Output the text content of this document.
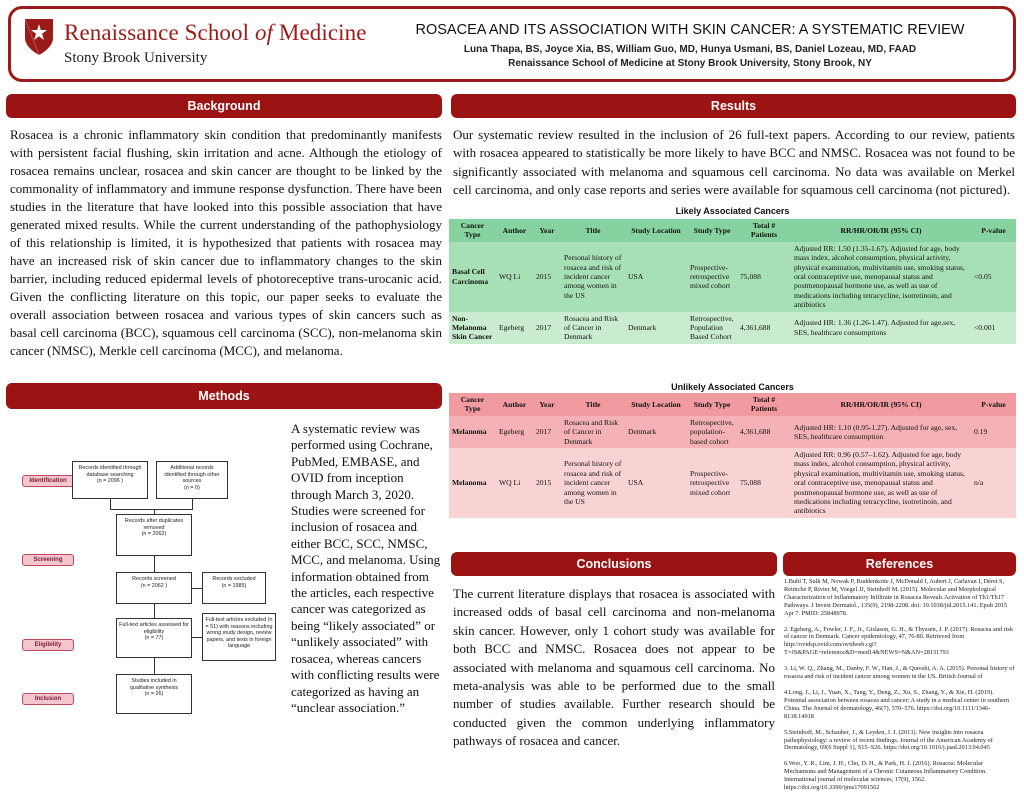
Renaissance School of Medicine
Stony Brook University
ROSACEA AND ITS ASSOCIATION WITH SKIN CANCER: A SYSTEMATIC REVIEW
Luna Thapa, BS, Joyce Xia, BS, William Guo, MD, Hunya Usmani, BS, Daniel Lozeau, MD, FAAD
Renaissance School of Medicine at Stony Brook University, Stony Brook, NY
Background
Rosacea is a chronic inflammatory skin condition that predominantly manifests with persistent facial flushing, skin irritation and acne. Although the etiology of rosacea remains unclear, rosacea and skin cancer are thought to be linked by the commonality of inflammatory and immune response dysfunction. There have been studies in the literature that have looked into this possible association that have generated mixed results. While the current understanding of the pathophysiology of this relationship is limited, it is hypothesized that patients with rosacea may have an increased risk of skin cancer due to inflammatory changes to the skin barrier, including reduced epidermal levels of photoreceptive trans-urocanic acid. Given the conflicting literature on this topic, our paper seeks to evaluate the overall association between rosacea and various types of skin cancers such as basal cell carcinoma (BCC), squamous cell carcinoma (SCC), non-melanoma skin cancer (NMSC), Merkle cell carcinoma (MCC), and melanoma.
Methods
Identification
Screening
Eligibility
Inclusion
Records identified through database searching
(n = 2096 )
Additional records identified through other sources
(n = 0)
Records after duplicates removed
(n = 2062)
Records screened
(n = 2062 )
Records excluded
(n = 1985)
Full-text articles assessed for eligibility
(n = 77)
Full-text articles excluded (n = 51) with reasons including wrong study design, review papers, and texts in foreign language
Studies included in qualitative synthesis
(n = 26)
A systematic review was performed using Cochrane, PubMed, EMBASE, and OVID from inception through March 3, 2020. Studies were screened for inclusion of rosacea and either BCC, SCC, NMSC, MCC, and melanoma. Using information obtained from the articles, each respective cancer was categorized as being “likely associated” or “unlikely associated” with rosacea, whereas cancers with conflicting results were categorized as having an “unclear association.”
Results
Our systematic review resulted in the inclusion of 26 full-text papers. According to our review, patients with rosacea appeared to statistically be more likely to have BCC and NMSC. Rosacea was not found to be significantly associated with melanoma and squamous cell carcinoma. No data was available on Merkel cell carcinoma, and only case reports and series were available for squamous cell carcinoma (not pictured).
Likely Associated Cancers
Cancer Type	Author	Year	Title	Study Location	Study Type	Total # Patients	RR/HR/OR/IR (95% CI)	P-value
Basal Cell Carcinoma	WQ Li	2015	Personal history of rosacea and risk of incident cancer among women in the US	USA	Prospective-retrospective mixed cohort	75,088	Adjusted RR: 1.50 (1.35-1.67). Adjusted for age, body mass index, alcohol consumption, physical activity, physical examination, multivitamin use, smoking status, oral contraceptive use, menopausal status and postmenopausal hormone use, as well as use of medications including tetracycline, isotretinoin, and antibiotics	<0.05
Non-Melanoma Skin Cancer	Egeberg	2017	Rosacea and Risk of Cancer in Denmark	Denmark	Retrospective, Population Based Cohort	4,361,688	Adjusted HR: 1.36 (1.26-1.47). Adjusted for age,sex, SES, healthcare consumptions	<0.001
Unlikely Associated Cancers
Cancer Type	Author	Year	Title	Study Location	Study Type	Total # Patients	RR/HR/OR/IR (95% CI)	P-value
Melanoma	Egeberg	2017	Rosacea and Risk of Cancer in Denmark	Denmark	Retrospective, population-based cohort	4,361,688	Adjusted HR: 1.10 (0.95-1.27). Adjusted for age, sex, SES, healthcare consumption	0.19
Melanoma	WQ Li	2015	Personal history of rosacea and risk of incident cancer among women in the US	USA	Prospective-retrospective mixed cohort	75,088	Adjusted RR: 0.96 (0.57–1.62). Adjusted for age, body mass index, alcohol consumption, physical activity, physical examination, multivitamin use, smoking status, oral contraceptive use, menopausal status and postmenopausal hormone use, as well as use of medications including tetracycline, isotretinoin, and antibiotics	n/a
Conclusions
The current literature displays that rosacea is associated with increased odds of basal cell carcinoma and non-melanoma skin cancer. However, only 1 cohort study was available for both BCC and NMSC. Rosacea does not appear to be associated with melanoma and squamous cell carcinoma. No meta-analysis was able to be performed due to the small number of studies available. Further research should be conducted given the common underlying inflammatory pathways of rosacea and cancer.
References

1.Buhl T, Sulk M, Nowak P, Buddenkotte J, McDonald I, Aubert J, Carlavan I, Déret S, Reiniche P, Rivier M, Voegel JJ, Steinhoff M. (2015). Molecular and Morphological Characterization of Inflammatory Infiltrate in Rosacea Reveals Activation of Th1/Th17 Pathways. J Invest Dermatol., 135(9), 2198-2208. doi: 10.1038/jid.2015.141. Epub 2015 Apr 7. PMID: 25848978.

2. Egeberg, A., Fowler, J. F., Jr., Gislason, G. H., & Thyssen, J. P. (2017). Rosacea and risk of cancer in Denmark. Cancer epidemiology, 47, 76-80. Retrieved from http://ovidsp.ovid.com/ovidweb.cgi?T=JS&PAGE=reference&D=med14&NEWS=N&AN=28131793

3. Li, W. Q., Zhang, M., Danby, F. W., Han, J., & Qureshi, A. A. (2015). Personal history of rosacea and risk of incident cancer among women in the US. British Journal of

4.Long, J., Li, J., Yuan, X., Tang, Y., Deng, Z., Xu, S., Zhang, Y., & Xie, H. (2019). Potential association between rosacea and cancer: A study in a medical center in southern China. The Journal of dermatology, 46(7), 570–576. https://doi.org/10.1111/1346-8138.14918

5.Steinhoff, M., Schauber, J., & Leyden, J. J. (2013). New insights into rosacea pathophysiology: a review of recent findings. Journal of the American Academy of Dermatology, 69(6 Suppl 1), S15–S26. https://doi.org/10.1016/j.jaad.2013.04.045

6.Woo, Y. R., Lim, J. H., Cho, D. H., & Park, H. J. (2016). Rosacea: Molecular Mechanisms and Management of a Chronic Cutaneous Inflammatory Condition. International journal of molecular sciences, 17(9), 1562. https://doi.org/10.3390/ijms17091562
